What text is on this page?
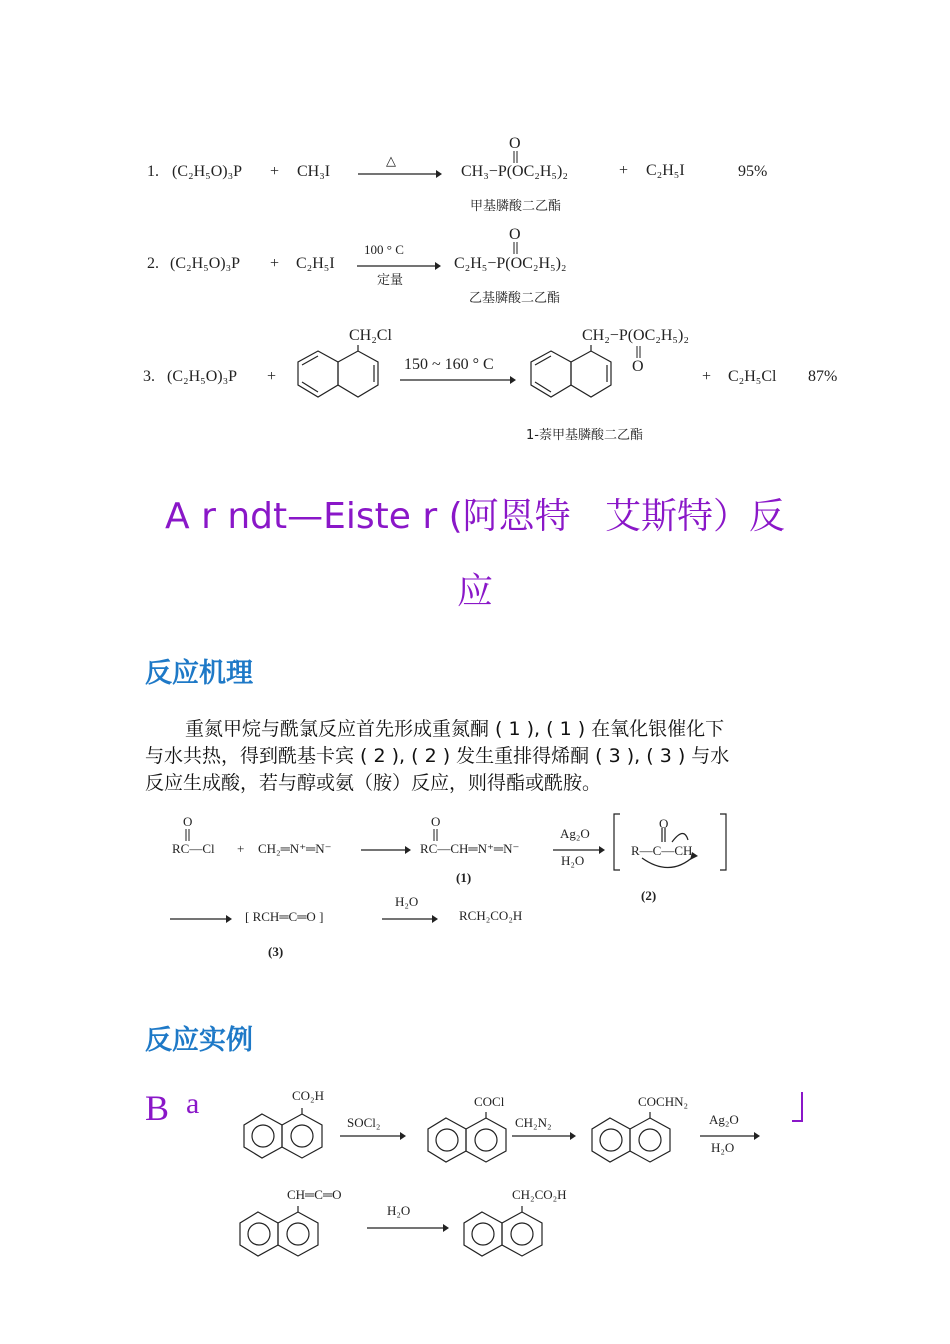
1. (C₂H₅O)₃P + CH₃I
△
O
CH₃−P(OC₂H₅)₂	+ C₂H₅I	95%
甲基膦酸二乙酯
2. (C₂H₅O)₃P + C₂H₅I
100 ° C
定量
O
C₂H₅−P(OC₂H₅)₂
乙基膦酸二乙酯
3. (C₂H₅O)₃P +
CH₂Cl
150 ~ 160 ° C
CH₂−P(OC₂H₅)₂
O
+ C₂H₅Cl 87%
1-萘甲基膦酸二乙酯
A r ndt—Eiste r (阿恩特   艾斯特）反
应
反应机理
重氮甲烷与酰氯反应首先形成重氮酮 ( 1 ), ( 1 ) 在氧化银催化下与水共热，得到酰基卡宾 ( 2 ), ( 2 ) 发生重排得烯酮 ( 3 ), ( 3 ) 与水反应生成酸，若与醇或氨（胺）反应，则得酯或酰胺。
O
RC—Cl + CH₂═N⁺═N⁻
O
RC—CH═N⁺═N⁻
(1)
Ag₂O
H₂O
O
R—C—CH
(2)
[ RCH═C═O ]
(3)
H₂O
RCH₂CO₂H
反应实例
B a	CO₂H
SOCl₂
COCl
CH₂N₂
COCHN₂
Ag₂O
H₂O
CH═C═O
H₂O
CH₂CO₂H
